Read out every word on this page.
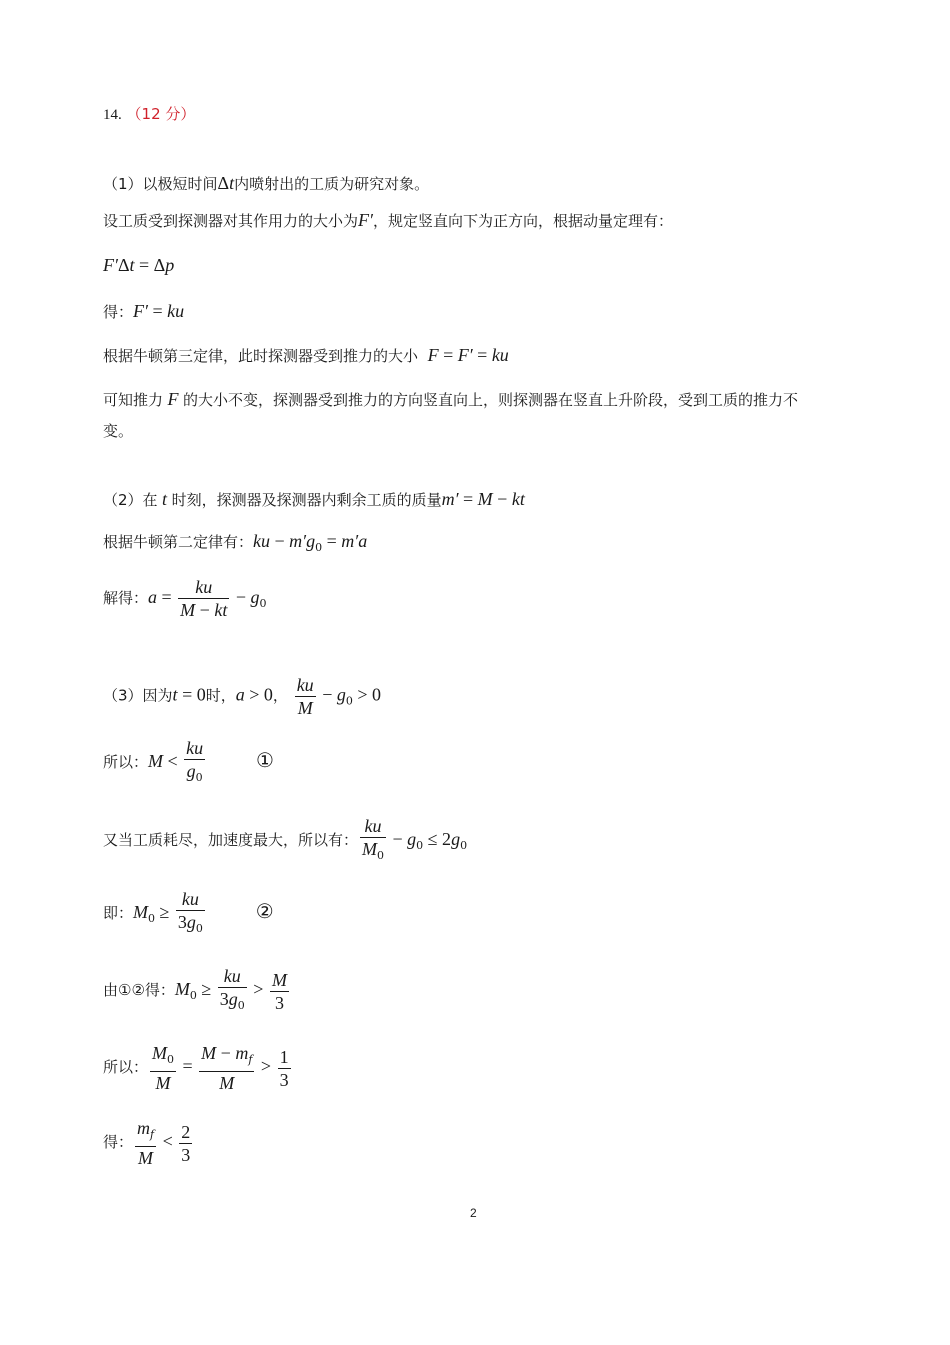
14. （12 分）
（1）以极短时间Δt内喷射出的工质为研究对象。
设工质受到探测器对其作用力的大小为F′，规定竖直向下为正方向，根据动量定理有：
F′Δt = Δp
得：F′ = ku
根据牛顿第三定律，此时探测器受到推力的大小 F = F′ = ku
可知推力 F 的大小不变，探测器受到推力的方向竖直向上，则探测器在竖直上升阶段，受到工质的推力不
变。
（2）在 t 时刻，探测器及探测器内剩余工质的质量m′ = M − kt
根据牛顿第二定律有：ku − $m'g_0 = m'a$
解得：$a = \frac{ku}{M - kt} - g_0$
（3）因为t = 0时，a > 0， $\frac{ku}{M} - g_0 > 0$
所以：$M < \frac{ku}{g_0}$	①
又当工质耗尽，加速度最大，所以有： $\frac{ku}{M_0} - g_0 \le 2g_0$
即：$M_0 \ge \frac{ku}{3g_0}$	②
由①②得：$M_0 \ge \frac{ku}{3g_0} > \frac{M}{3}$
所以： $\frac{M_0}{M} = \frac{M - m_f}{M} > \frac{1}{3}$
得： $\frac{m_f}{M} < \frac{2}{3}$
2
